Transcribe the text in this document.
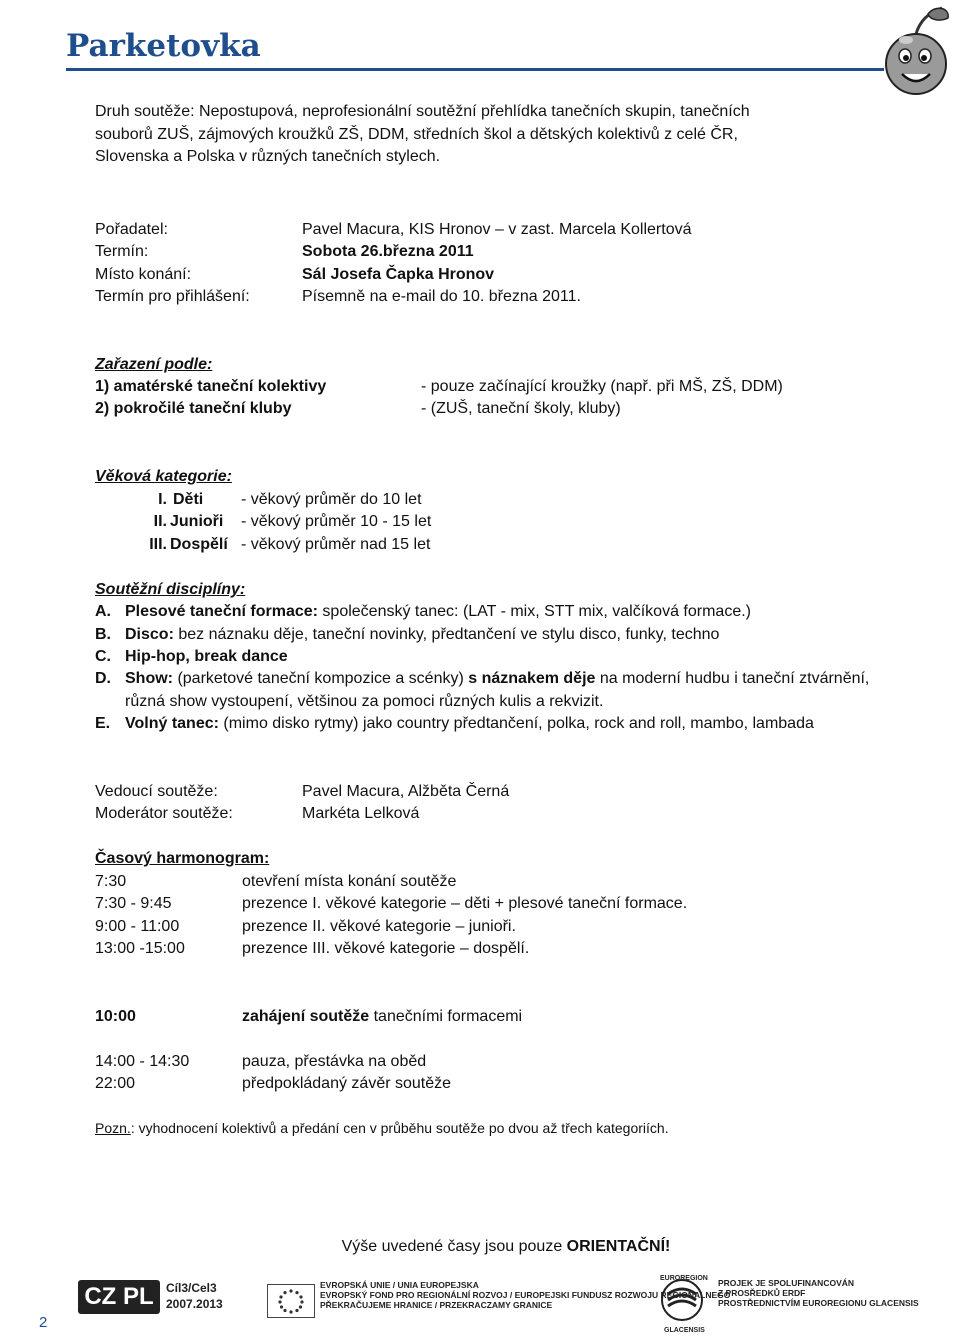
Parketovka
Druh soutěže: Nepostupová, neprofesionální soutěžní přehlídka tanečních skupin, tanečních souborů ZUŠ, zájmových kroužků ZŠ, DDM, středních škol a dětských kolektivů z celé ČR, Slovenska a Polska v různých tanečních stylech.
Pořadatel:	Pavel Macura, KIS Hronov – v zast. Marcela Kollertová
Termín:	Sobota 26.března 2011
Místo konání:	Sál Josefa Čapka Hronov
Termín pro přihlášení:	Písemně na e-mail do 10. března 2011.
Zařazení podle:
1) amatérské taneční kolektivy	- pouze začínající kroužky (např. při MŠ, ZŠ, DDM)
2) pokročilé taneční kluby	- (ZUŠ, taneční školy, kluby)
Věková kategorie:
I. Děti - věkový průměr do 10 let
II. Junioři - věkový průměr 10 - 15 let
III. Dospělí - věkový průměr nad 15 let
Soutěžní disciplíny:
A. Plesové taneční formace: společenský tanec: (LAT - mix, STT mix, valčíková formace.)
B. Disco: bez náznaku děje, taneční novinky, předtančení ve stylu disco, funky, techno
C. Hip-hop, break dance
D. Show: (parketové taneční kompozice a scénky) s náznakem děje na moderní hudbu i taneční ztvárnění,
různá show vystoupení, většinou za pomoci různých kulis a rekvizit.
E. Volný tanec: (mimo disko rytmy) jako country předtančení, polka, rock and roll, mambo, lambada
Vedoucí soutěže:	Pavel Macura, Alžběta Černá
Moderátor soutěže:	Markéta Lelková
Časový harmonogram:
7:30	otevření místa konání soutěže
7:30 - 9:45	prezence I. věkové kategorie – děti + plesové taneční formace.
9:00 - 11:00	prezence II. věkové kategorie – junioři.
13:00 -15:00	prezence III. věkové kategorie – dospělí.
10:00	zahájení soutěže tanečními formacemi
14:00 - 14:30	pauza, přestávka na oběd
22:00	předpokládaný závěr soutěže
Pozn.: vyhodnocení kolektivů a předání cen v průběhu soutěže po dvou až třech kategoriích.
Výše uvedené časy jsou pouze ORIENTAČNÍ!
CZ PL	Cíl3/Cel3
2007.2013
EVROPSKÁ UNIE / UNIA EUROPEJSKA
EVROPSKÝ FOND PRO REGIONÁLNÍ ROZVOJ / EUROPEJSKI FUNDUSZ ROZWOJU REGIONALNEGO
PŘEKRAČUJEME HRANICE / PRZEKRACZAMY GRANICE
EUROREGION
GLACENSIS
PROJEK JE SPOLUFINANCOVÁN
Z PROSŘEDKŮ ERDF
PROSTŘEDNICTVÍM EUROREGIONU GLACENSIS
2
